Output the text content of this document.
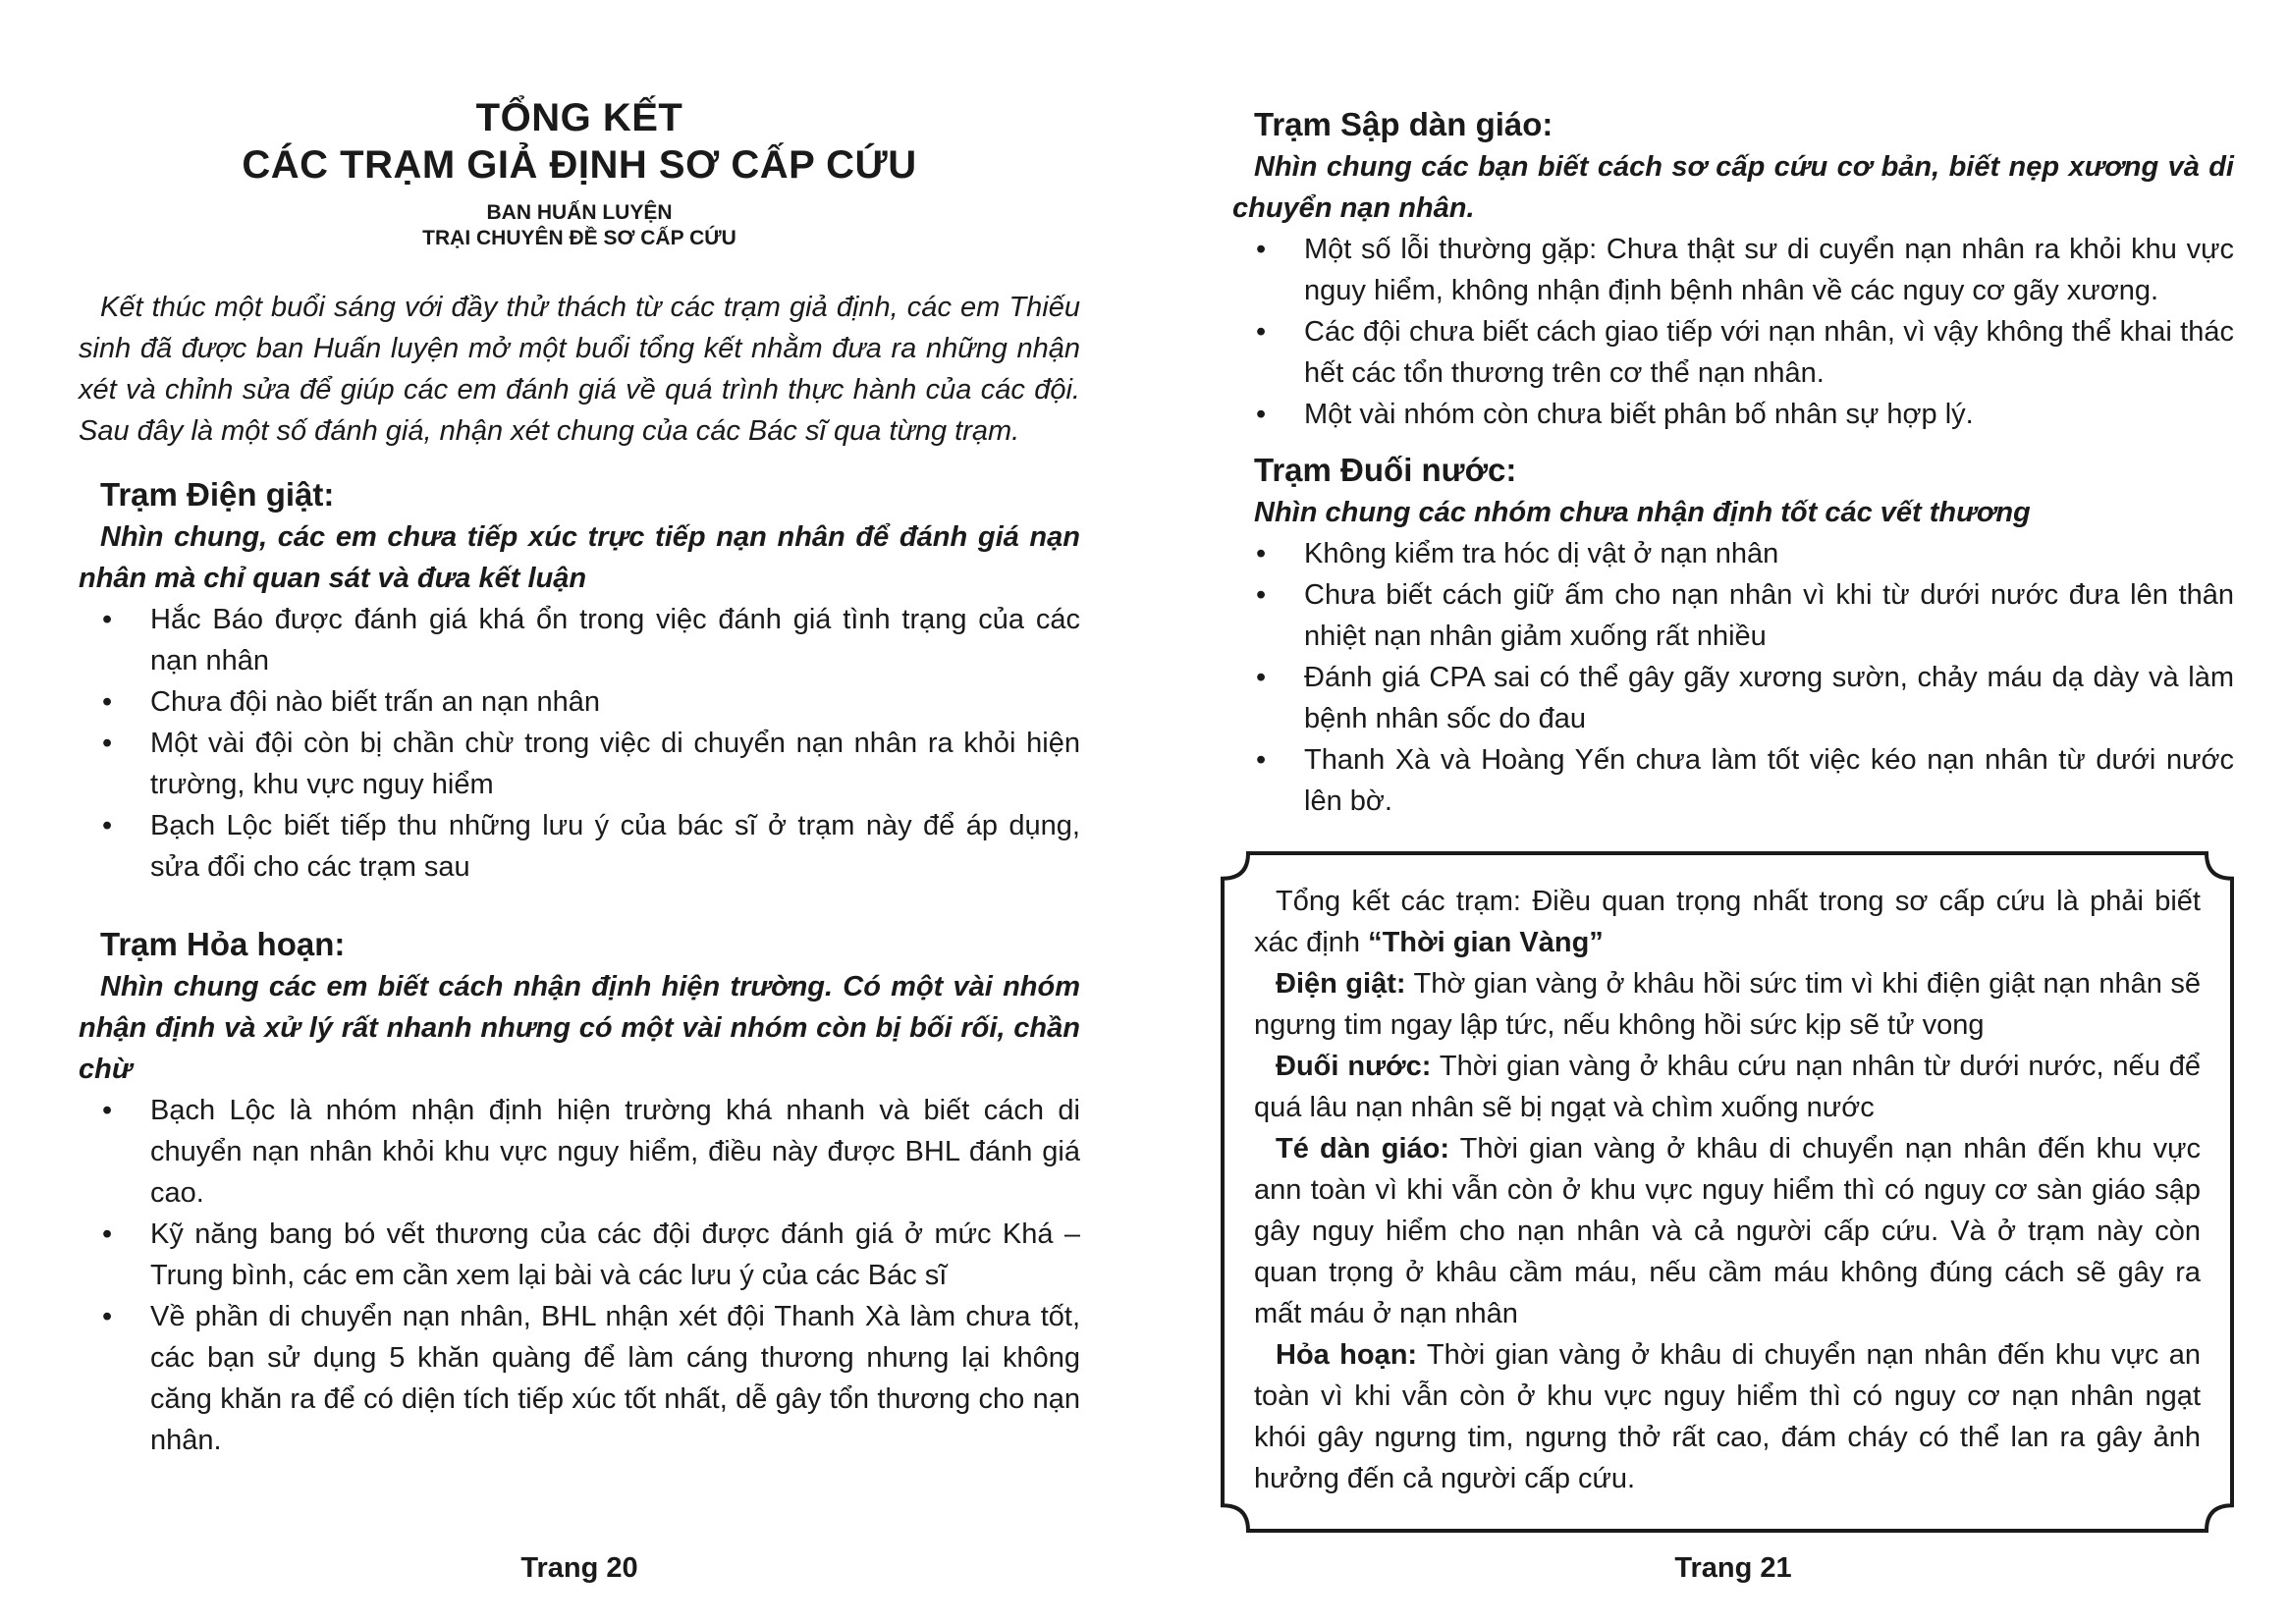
TỔNG KẾT
CÁC TRẠM GIẢ ĐỊNH SƠ CẤP CỨU
BAN HUẤN LUYỆN
TRẠI CHUYÊN ĐỀ SƠ CẤP CỨU

Kết thúc một buổi sáng với đầy thử thách từ các trạm giả định, các em Thiếu sinh đã được ban Huấn luyện mở một buổi tổng kết nhằm đưa ra những nhận xét và chỉnh sửa để giúp các em đánh giá về quá trình thực hành của các đội. Sau đây là một số đánh giá, nhận xét chung của các Bác sĩ qua từng trạm.

Trạm Điện giật:
Nhìn chung, các em chưa tiếp xúc trực tiếp nạn nhân để đánh giá nạn nhân mà chỉ quan sát và đưa kết luận
• Hắc Báo được đánh giá khá ổn trong việc đánh giá tình trạng của các nạn nhân
• Chưa đội nào biết trấn an nạn nhân
• Một vài đội còn bị chần chừ trong việc di chuyển nạn nhân ra khỏi hiện trường, khu vực nguy hiểm
• Bạch Lộc biết tiếp thu những lưu ý của bác sĩ ở trạm này để áp dụng, sửa đổi cho các trạm sau
Trạm Hỏa hoạn:
Nhìn chung các em biết cách nhận định hiện trường. Có một vài nhóm nhận định và xử lý rất nhanh nhưng có một vài nhóm còn bị bối rối, chần chừ
• Bạch Lộc là nhóm nhận định hiện trường khá nhanh và biết cách di chuyển nạn nhân khỏi khu vực nguy hiểm, điều này được BHL đánh giá cao.
• Kỹ năng bang bó vết thương của các đội được đánh giá ở mức Khá –Trung bình, các em cần xem lại bài và các lưu ý của các Bác sĩ
• Về phần di chuyển nạn nhân, BHL nhận xét đội Thanh Xà làm chưa tốt, các bạn sử dụng 5 khăn quàng để làm cáng thương nhưng lại không căng khăn ra để có diện tích tiếp xúc tốt nhất, dễ gây tổn thương cho nạn nhân.
Trang 20
Trạm Sập dàn giáo:
Nhìn chung các bạn biết cách sơ cấp cứu cơ bản, biết nẹp xương và di chuyển nạn nhân.
• Một số lỗi thường gặp: Chưa thật sư di cuyển nạn nhân ra khỏi khu vực nguy hiểm, không nhận định bệnh nhân về các nguy cơ gãy xương.
• Các đội chưa biết cách giao tiếp với nạn nhân, vì vậy không thể khai thác hết các tổn thương trên cơ thể nạn nhân.
• Một vài nhóm còn chưa biết phân bố nhân sự hợp lý.
Trạm Đuối nước:
Nhìn chung các nhóm chưa nhận định tốt các vết thương
• Không kiểm tra hóc dị vật ở nạn nhân
• Chưa biết cách giữ ấm cho nạn nhân vì khi từ dưới nước đưa lên thân nhiệt nạn nhân giảm xuống rất nhiều
• Đánh giá CPA sai có thể gây gãy xương sườn, chảy máu dạ dày và làm bệnh nhân sốc do đau
• Thanh Xà và Hoàng Yến chưa làm tốt việc kéo nạn nhân từ dưới nước lên bờ.
Tổng kết các trạm: Điều quan trọng nhất trong sơ cấp cứu là phải biết xác định “Thời gian Vàng”
Điện giật: Thờ gian vàng ở khâu hồi sức tim vì khi điện giật nạn nhân sẽ ngưng tim ngay lập tức, nếu không hồi sức kịp sẽ tử vong
Đuối nước: Thời gian vàng ở khâu cứu nạn nhân từ dưới nước, nếu để quá lâu nạn nhân sẽ bị ngạt và chìm xuống nước
Té dàn giáo: Thời gian vàng ở khâu di chuyển nạn nhân đến khu vực ann toàn vì khi vẫn còn ở khu vực nguy hiểm thì có nguy cơ sàn giáo sập gây nguy hiểm cho nạn nhân và cả người cấp cứu. Và ở trạm này còn quan trọng ở khâu cầm máu, nếu cầm máu không đúng cách sẽ gây ra mất máu ở nạn nhân
Hỏa hoạn: Thời gian vàng ở khâu di chuyển nạn nhân đến khu vực an toàn vì khi vẫn còn ở khu vực nguy hiểm thì có nguy cơ nạn nhân ngạt khói gây ngưng tim, ngưng thở rất cao, đám cháy có thể lan ra gây ảnh hưởng đến cả người cấp cứu.
Trang 21
